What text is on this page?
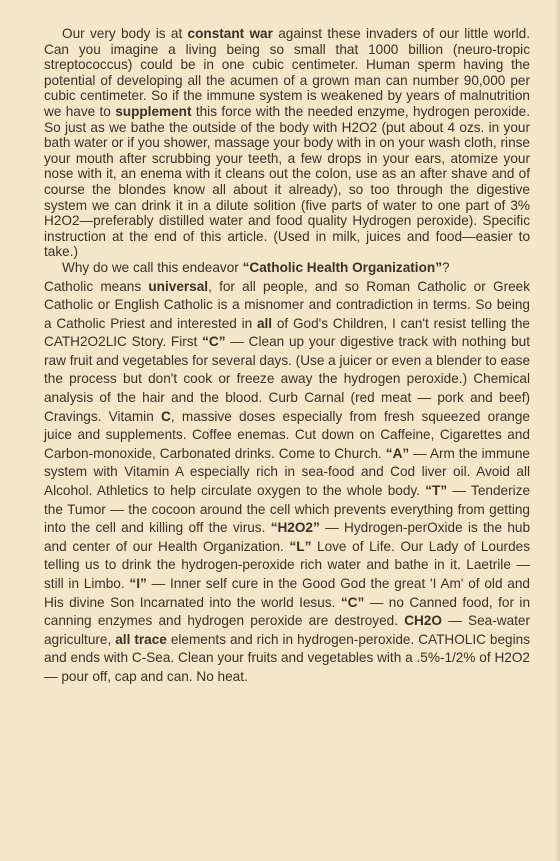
Our very body is at constant war against these invaders of our little world. Can you imagine a living being so small that 1000 billion (neuro-tropic streptococcus) could be in one cubic centimeter. Human sperm having the potential of developing all the acumen of a grown man can number 90,000 per cubic centimeter. So if the immune system is weakened by years of malnutrition we have to supplement this force with the needed enzyme, hydrogen peroxide. So just as we bathe the outside of the body with H2O2 (put about 4 ozs. in your bath water or if you shower, massage your body with in on your wash cloth, rinse your mouth after scrubbing your teeth, a few drops in your ears, atomize your nose with it, an enema with it cleans out the colon, use as an after shave and of course the blondes know all about it already), so too through the digestive system we can drink it in a dilute solition (five parts of water to one part of 3% H2O2—preferably distilled water and food quality Hydrogen peroxide). Specific instruction at the end of this article. (Used in milk, juices and food—easier to take.)

Why do we call this endeavor “Catholic Health Organization”?

Catholic means universal, for all people, and so Roman Catholic or Greek Catholic or English Catholic is a misnomer and contradiction in terms. So being a Catholic Priest and interested in all of God's Children, I can't resist telling the CATH2O2LIC Story. First “C” — Clean up your digestive track with nothing but raw fruit and vegetables for several days. (Use a juicer or even a blender to ease the process but don't cook or freeze away the hydrogen peroxide.) Chemical analysis of the hair and the blood. Curb Carnal (red meat — pork and beef) Cravings. Vitamin C, massive doses especially from fresh squeezed orange juice and supplements. Coffee enemas. Cut down on Caffeine, Cigarettes and Carbon-monoxide, Carbonated drinks. Come to Church. “A” — Arm the immune system with Vitamin A especially rich in sea-food and Cod liver oil. Avoid all Alcohol. Athletics to help circulate oxygen to the whole body. “T” — Tenderize the Tumor — the cocoon around the cell which prevents everything from getting into the cell and killing off the virus. “H2O2” — Hydrogen-perOxide is the hub and center of our Health Organization. “L” Love of Life. Our Lady of Lourdes telling us to drink the hydrogen-peroxide rich water and bathe in it. Laetrile — still in Limbo. “I” — Inner self cure in the Good God the great 'I Am' of old and His divine Son Incarnated into the world Iesus. “C” — no Canned food, for in canning enzymes and hydrogen peroxide are destroyed. CH2O — Sea-water agriculture, all trace elements and rich in hydrogen-peroxide. CATHOLIC begins and ends with C-Sea. Clean your fruits and vegetables with a .5%-1/2% of H2O2 — pour off, cap and can. No heat.
